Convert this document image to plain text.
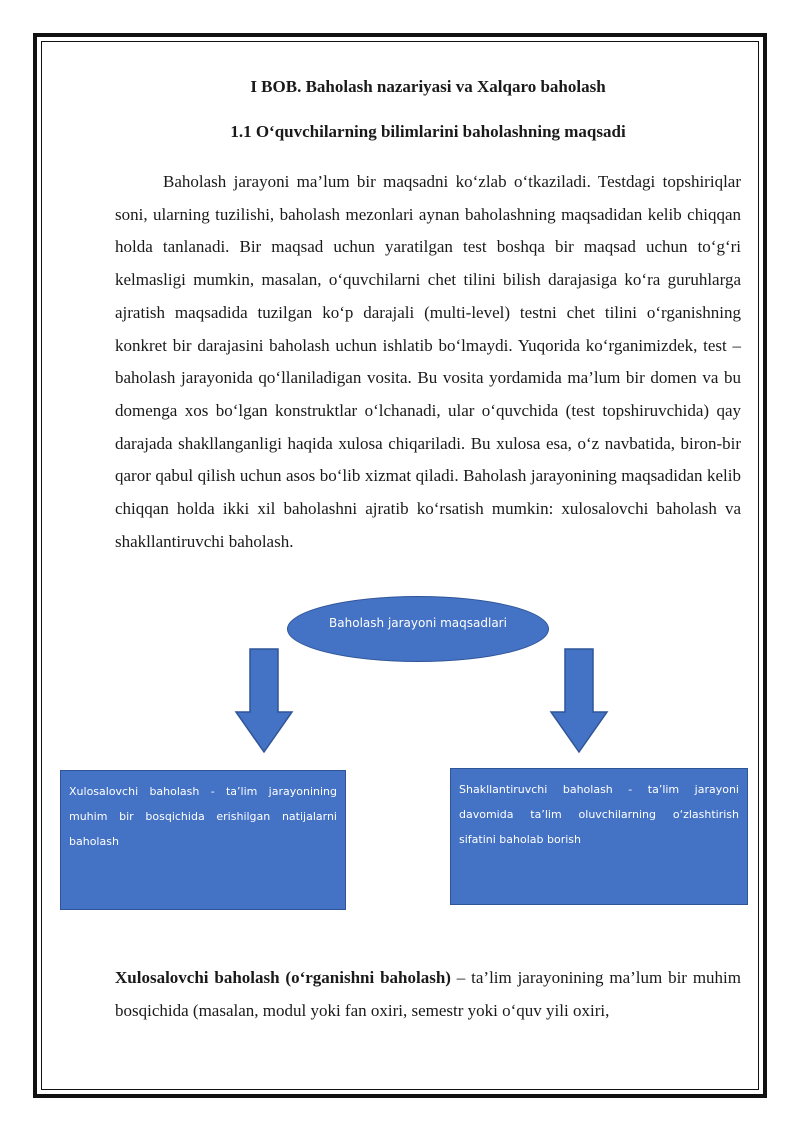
I BOB. Baholash nazariyasi va Xalqaro baholash
1.1 O‘quvchilarning bilimlarini baholashning maqsadi

Baholash jarayoni ma’lum bir maqsadni ko‘zlab o‘tkaziladi. Testdagi topshiriqlar soni, ularning tuzilishi, baholash mezonlari aynan baholashning maqsadidan kelib chiqqan holda tanlanadi. Bir maqsad uchun yaratilgan test boshqa bir maqsad uchun to‘g‘ri kelmasligi mumkin, masalan, o‘quvchilarni chet tilini bilish darajasiga ko‘ra guruhlarga ajratish maqsadida tuzilgan ko‘p darajali (multi-level) testni chet tilini o‘rganishning konkret bir darajasini baholash uchun ishlatib bo‘lmaydi. Yuqorida ko‘rganimizdek, test – baholash jarayonida qo‘llaniladigan vosita. Bu vosita yordamida ma’lum bir domen va bu domenga xos bo‘lgan konstruktlar o‘lchanadi, ular o‘quvchida (test topshiruvchida) qay darajada shakllanganligi haqida xulosa chiqariladi. Bu xulosa esa, o‘z navbatida, biron-bir qaror qabul qilish uchun asos bo‘lib xizmat qiladi. Baholash jarayonining maqsadidan kelib chiqqan holda ikki xil baholashni ajratib ko‘rsatish mumkin: xulosalovchi baholash va shakllantiruvchi baholash.

Baholash jarayoni maqsadlari
Xulosalovchi baholash - ta’lim jarayonining muhim bir bosqichida erishilgan natijalarni baholash
Shakllantiruvchi baholash - ta’lim jarayoni davomida ta’lim oluvchilarning o‘zlashtirish sifatini baholab borish

Xulosalovchi baholash (o‘rganishni baholash) – ta’lim jarayonining ma’lum bir muhim bosqichida (masalan, modul yoki fan oxiri, semestr yoki o‘quv yili oxiri,
